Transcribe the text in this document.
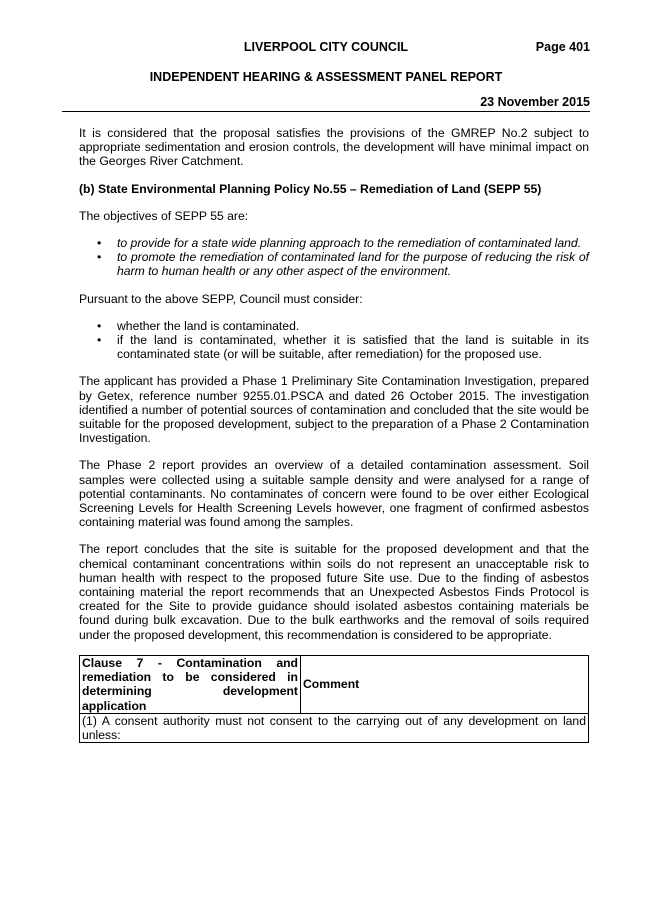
LIVERPOOL CITY COUNCIL	Page 401
INDEPENDENT HEARING & ASSESSMENT PANEL REPORT
23 November 2015

It is considered that the proposal satisfies the provisions of the GMREP No.2 subject to appropriate sedimentation and erosion controls, the development will have minimal impact on the Georges River Catchment.

(b) State Environmental Planning Policy No.55 – Remediation of Land (SEPP 55)

The objectives of SEPP 55 are:

• to provide for a state wide planning approach to the remediation of contaminated land.
• to promote the remediation of contaminated land for the purpose of reducing the risk of harm to human health or any other aspect of the environment.

Pursuant to the above SEPP, Council must consider:

• whether the land is contaminated.
• if the land is contaminated, whether it is satisfied that the land is suitable in its contaminated state (or will be suitable, after remediation) for the proposed use.

The applicant has provided a Phase 1 Preliminary Site Contamination Investigation, prepared by Getex, reference number 9255.01.PSCA and dated 26 October 2015. The investigation identified a number of potential sources of contamination and concluded that the site would be suitable for the proposed development, subject to the preparation of a Phase 2 Contamination Investigation.

The Phase 2 report provides an overview of a detailed contamination assessment. Soil samples were collected using a suitable sample density and were analysed for a range of potential contaminants. No contaminates of concern were found to be over either Ecological Screening Levels for Health Screening Levels however, one fragment of confirmed asbestos containing material was found among the samples.

The report concludes that the site is suitable for the proposed development and that the chemical contaminant concentrations within soils do not represent an unacceptable risk to human health with respect to the proposed future Site use. Due to the finding of asbestos containing material the report recommends that an Unexpected Asbestos Finds Protocol is created for the Site to provide guidance should isolated asbestos containing materials be found during bulk excavation. Due to the bulk earthworks and the removal of soils required under the proposed development, this recommendation is considered to be appropriate.

Clause 7 - Contamination and
remediation to be considered in

determining development application
	Comment
(1) A consent authority must not consent to the carrying out of any development on land unless:
